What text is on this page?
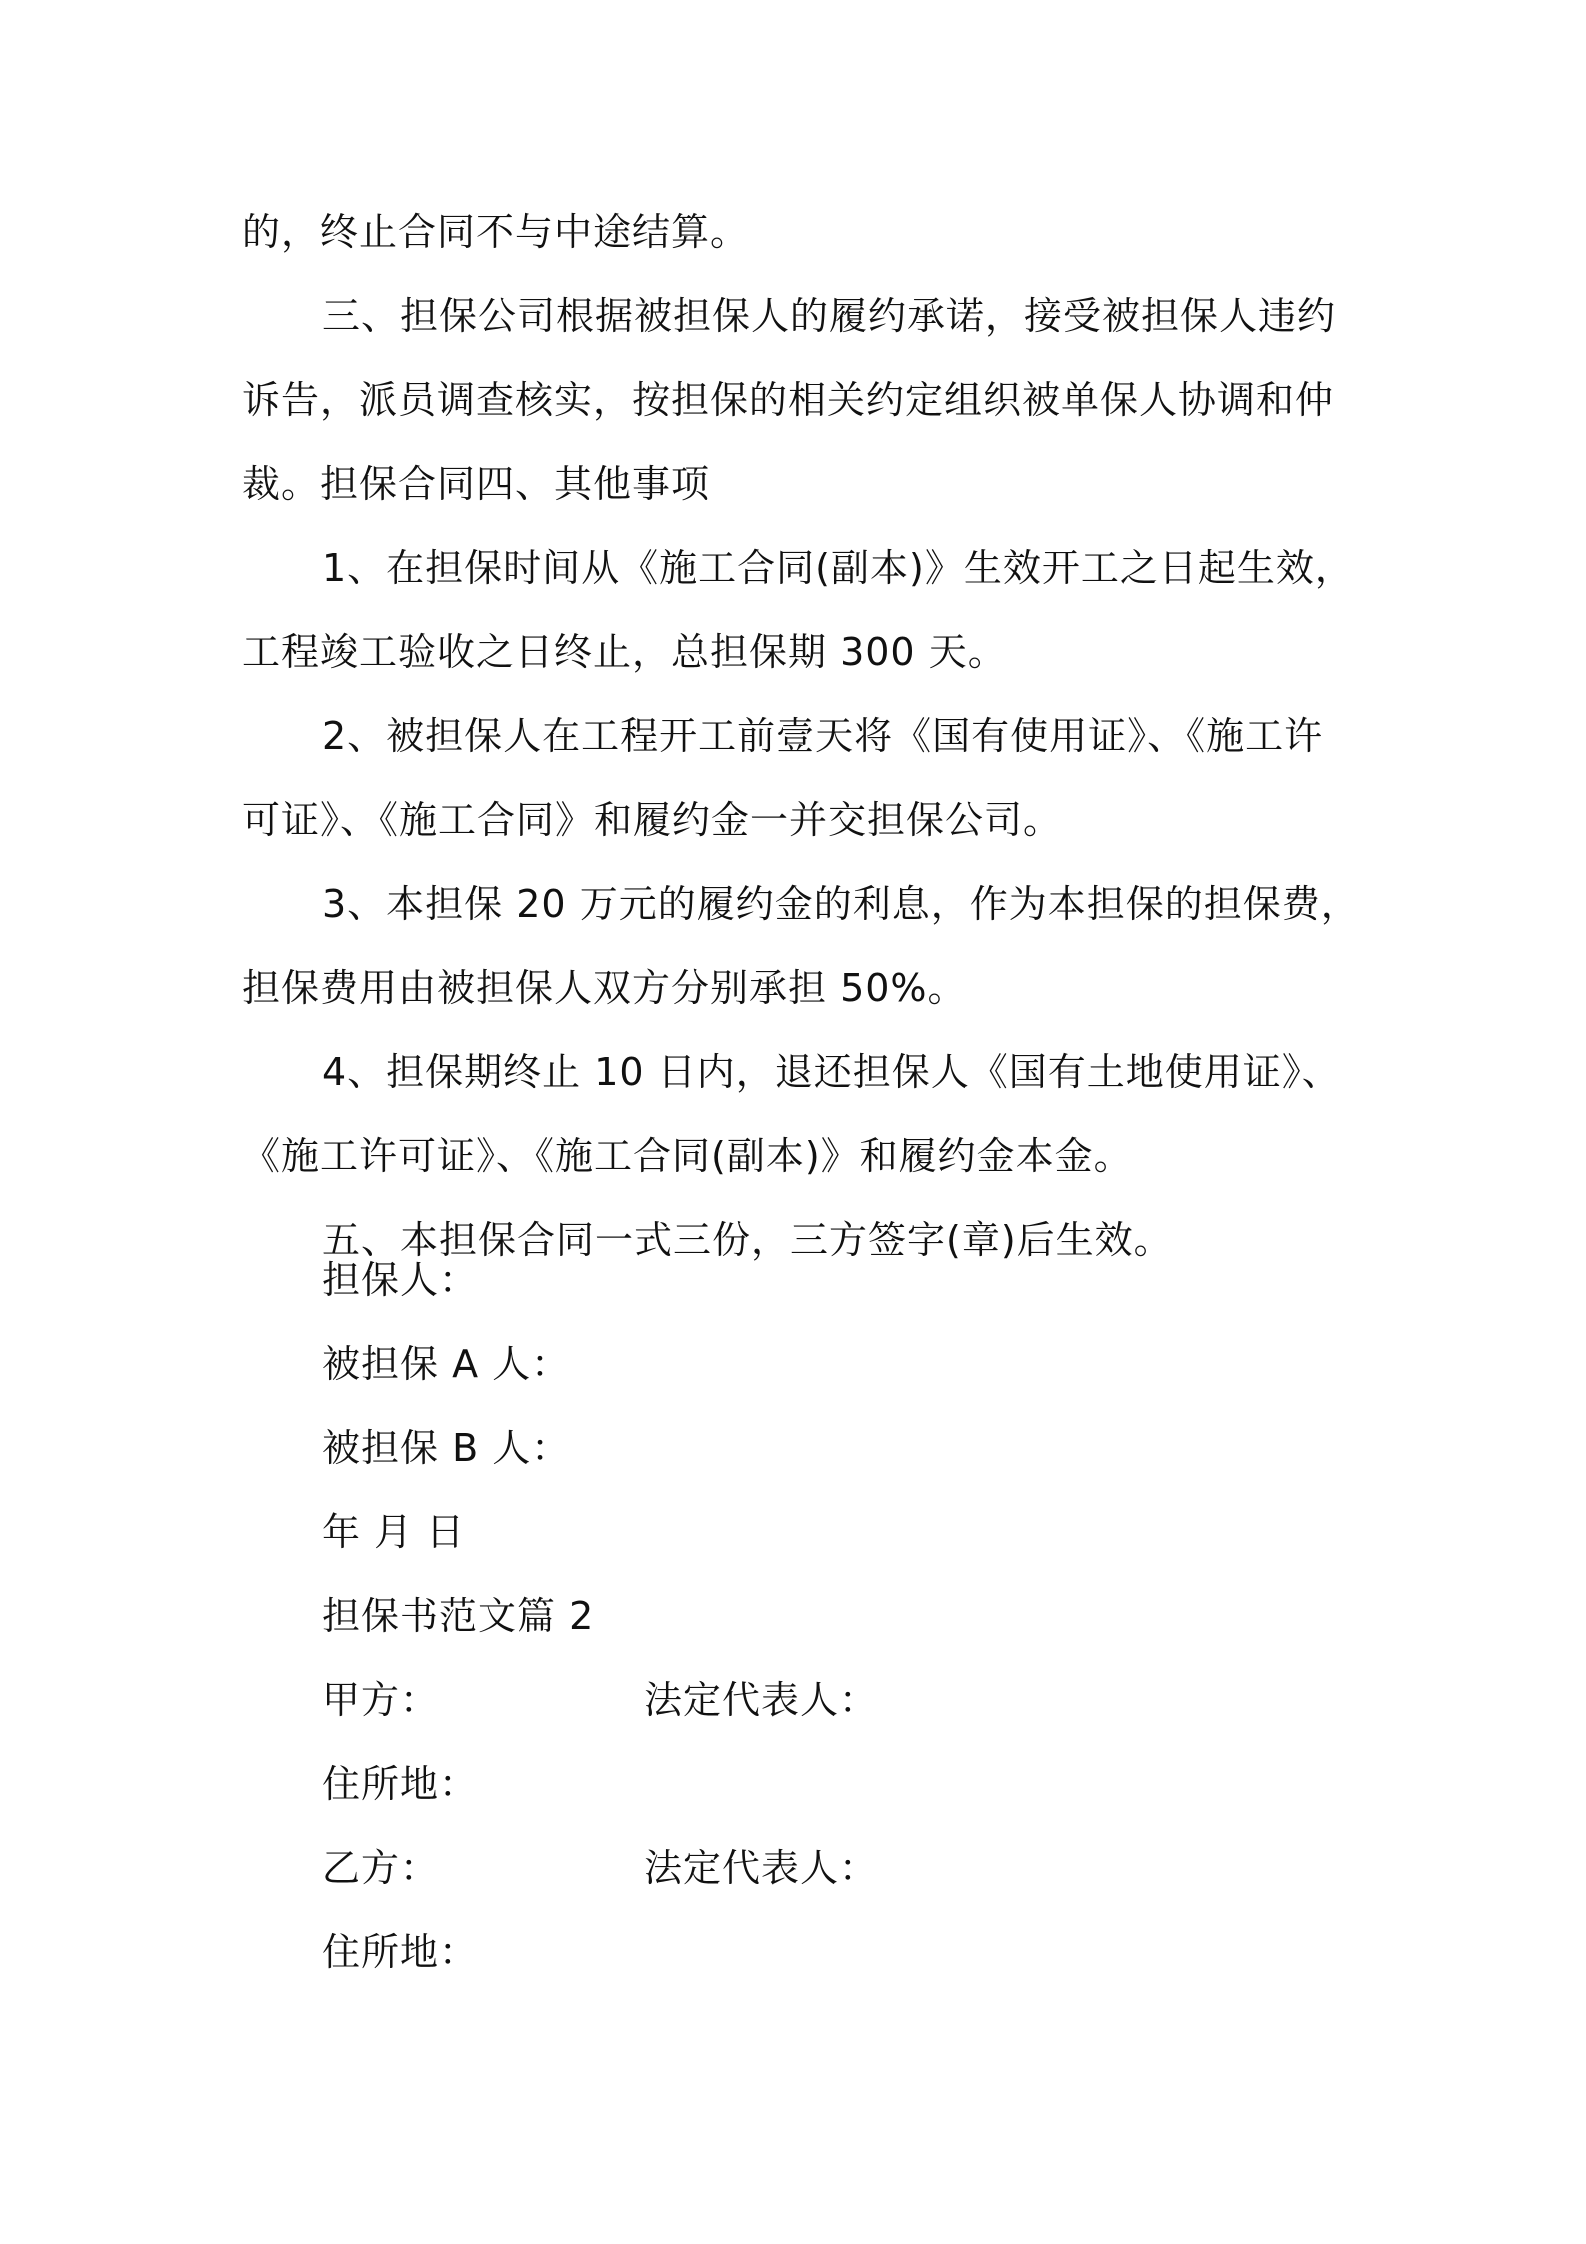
的，终止合同不与中途结算。
三、担保公司根据被担保人的履约承诺，接受被担保人违约
诉告，派员调查核实，按担保的相关约定组织被单保人协调和仲
裁。担保合同四、其他事项
1、在担保时间从《施工合同(副本)》生效开工之日起生效，
工程竣工验收之日终止，总担保期 300 天。
2、被担保人在工程开工前壹天将《国有使用证》、《施工许
可证》、《施工合同》和履约金一并交担保公司。
3、本担保 20 万元的履约金的利息，作为本担保的担保费，
担保费用由被担保人双方分别承担 50%。
4、担保期终止 10 日内，退还担保人《国有土地使用证》、
《施工许可证》、《施工合同(副本)》和履约金本金。
五、本担保合同一式三份，三方签字(章)后生效。
担保人：
被担保 A 人：
被担保 B 人：
年 月 日
担保书范文篇 2
甲方：	法定代表人：
住所地：
乙方：	法定代表人：
住所地：
